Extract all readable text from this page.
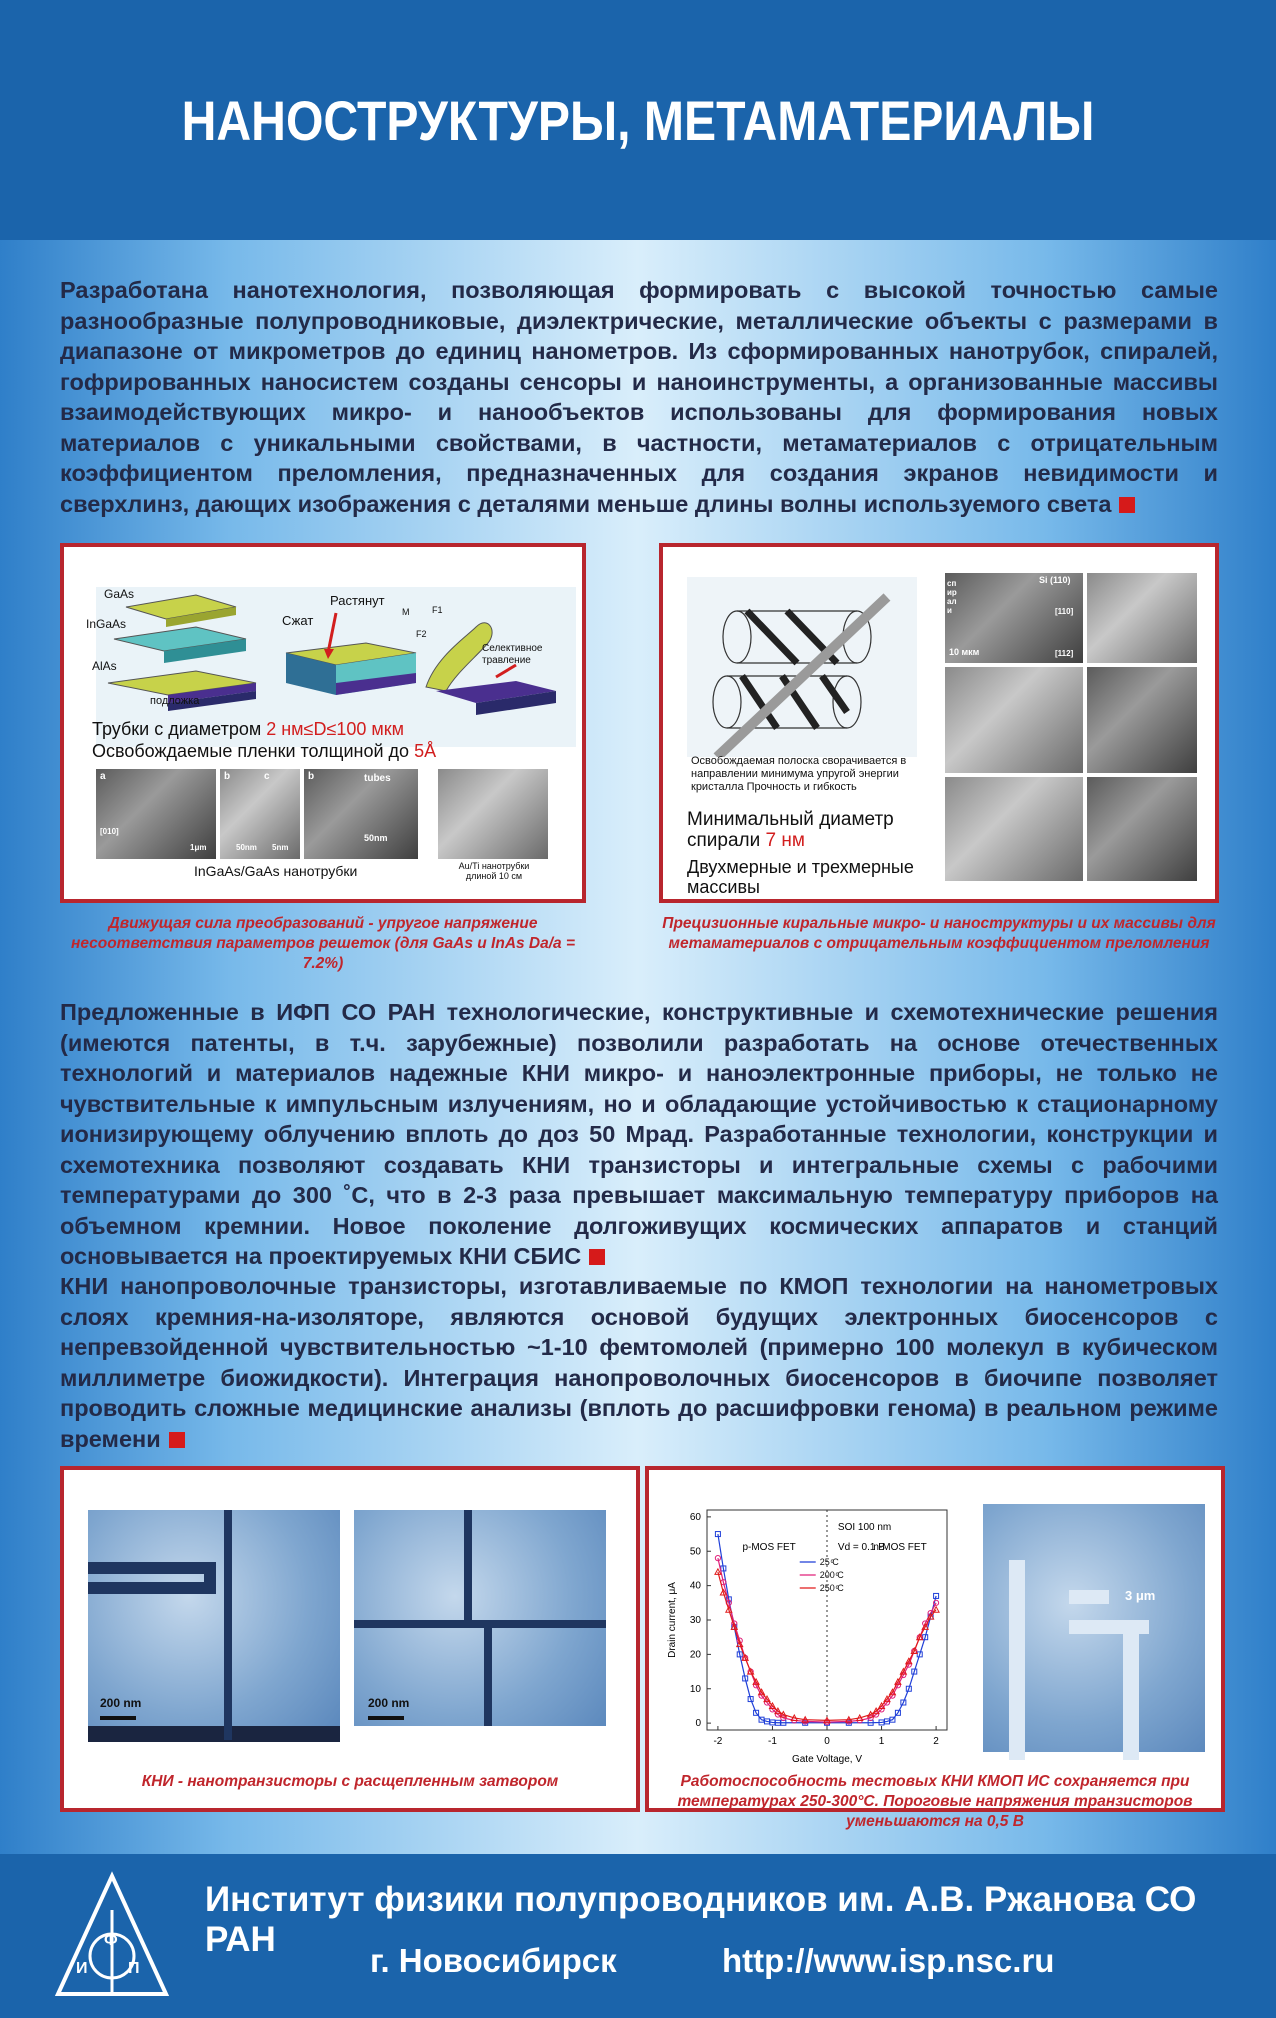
НАНОСТРУКТУРЫ, МЕТАМАТЕРИАЛЫ
Разработана нанотехнология, позволяющая формировать с высокой точностью самые разнообразные полупроводниковые, диэлектрические, металлические объекты с размерами в диапазоне от микрометров до единиц нанометров. Из сформированных нанотрубок, спиралей, гофрированных наносистем созданы сенсоры и наноинструменты, а организованные массивы взаимодействующих микро- и нанообъектов использованы для формирования новых материалов с уникальными свойствами, в частности, метаматериалов с отрицательным коэффициентом преломления, предназначенных для создания экранов невидимости и сверхлинз, дающих изображения с деталями меньше длины волны используемого света
GaAs
InGaAs
AlAs
подложка
Сжат
Растянут
M	F1
F2
Селективное травление
Трубки с диаметром 2 нм≤D≤100 мкм
Освобождаемые пленки толщиной до 5Å
a	b	c	b	tubes
[010]
50nm 5nm
50nm
1μm
InGaAs/GaAs нанотрубки	Au/Ti нанотрубки длиной 10 см
Движущая сила преобразований - упругое напряжение несоответствия параметров решеток (для GaAs и InAs Da/a = 7.2%)
Освобождаемая полоска сворачивается в направлении минимума упругой энергии кристалла Прочность и гибкость
Минимальный диаметр спирали 7 нм
Двухмерные и трехмерные массивы
10 мкм
Si (110)
[110]
[112]
спирали
Прецизионные киральные микро- и наноструктуры и их массивы для метаматериалов с отрицательным коэффициентом преломления
Предложенные в ИФП СО РАН технологические, конструктивные и схемотехнические решения (имеются патенты, в т.ч. зарубежные) позволили разработать на основе отечественных технологий и материалов надежные КНИ микро- и наноэлектронные приборы, не только не чувствительные к импульсным излучениям, но и обладающие устойчивостью к стационарному ионизирующему облучению вплоть до доз 50 Мрад. Разработанные технологии, конструкции и схемотехника позволяют создавать КНИ транзисторы и интегральные схемы с рабочими температурами до 300 ˚С, что в 2-3 раза превышает максимальную температуру приборов на объемном кремнии. Новое поколение долгоживущих космических аппаратов и станций основывается на проектируемых КНИ СБИС
КНИ нанопроволочные транзисторы, изготавливаемые по КМОП технологии на нанометровых слоях кремния-на-изоляторе, являются основой будущих электронных биосенсоров с непревзойденной чувствительностью ~1-10 фемтомолей (примерно 100 молекул в кубическом миллиметре биожидкости). Интеграция нанопроволочных биосенсоров в биочипе позволяет проводить сложные медицинские анализы (вплоть до расшифровки генома) в реальном режиме времени
200 nm	200 nm
КНИ - нанотранзисторы с расщепленным затвором
-2	-1	0	1	2
0
10
20
30
40
50
60
Gate Voltage, V
Drain current, μA
SOI 100 nm
Vd = 0.1 B
p-MOS FET	n-MOS FET
25 ͦC
200 ͦC
250 ͦC	3 μm
Работоспособность тестовых КНИ КМОП ИС сохраняется при температурах 250-300°С. Пороговые напряжения транзисторов уменьшаются на 0,5 В
И
Ф
П
Институт физики полупроводников им. А.В. Ржанова СО РАН
г. Новосибирск	http://www.isp.nsc.ru
